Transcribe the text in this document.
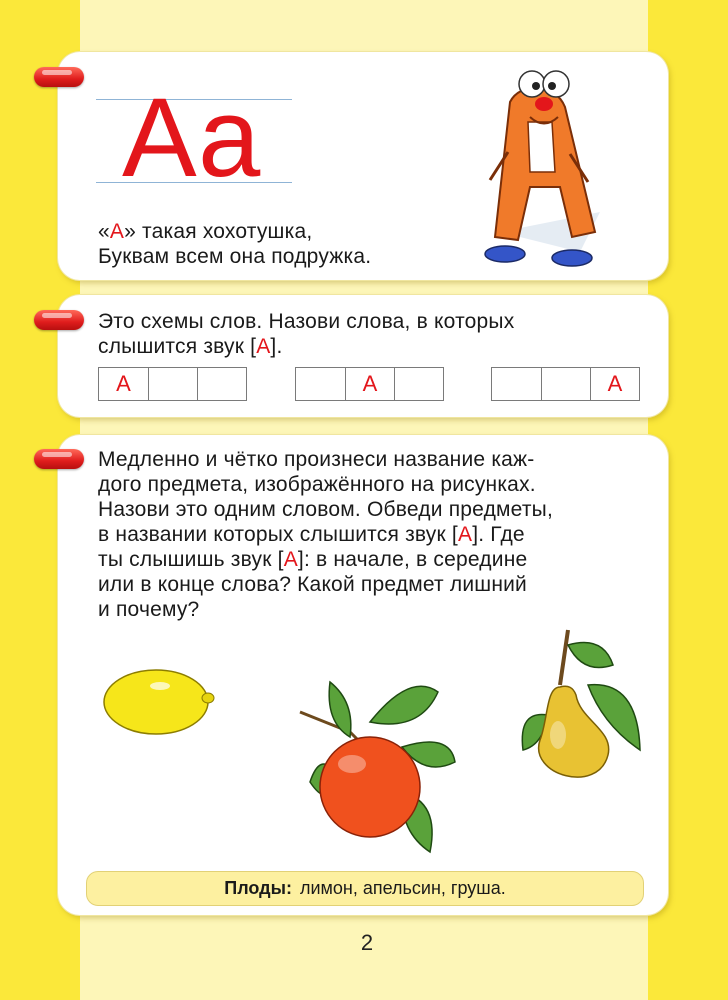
Аа
«А» такая хохотушка,
Буквам всем она подружка.
Это схемы слов. Назови слова, в которых
слышится звук [А].
А	А	А
Медленно и чётко произнеси название каж-
дого предмета, изображённого на рисунках.
Назови это одним словом. Обведи предметы,
в названии которых слышится звук [А]. Где
ты слышишь звук [А]: в начале, в середине
или в конце слова? Какой предмет лишний
и почему?
Плоды: лимон, апельсин, груша.
2
